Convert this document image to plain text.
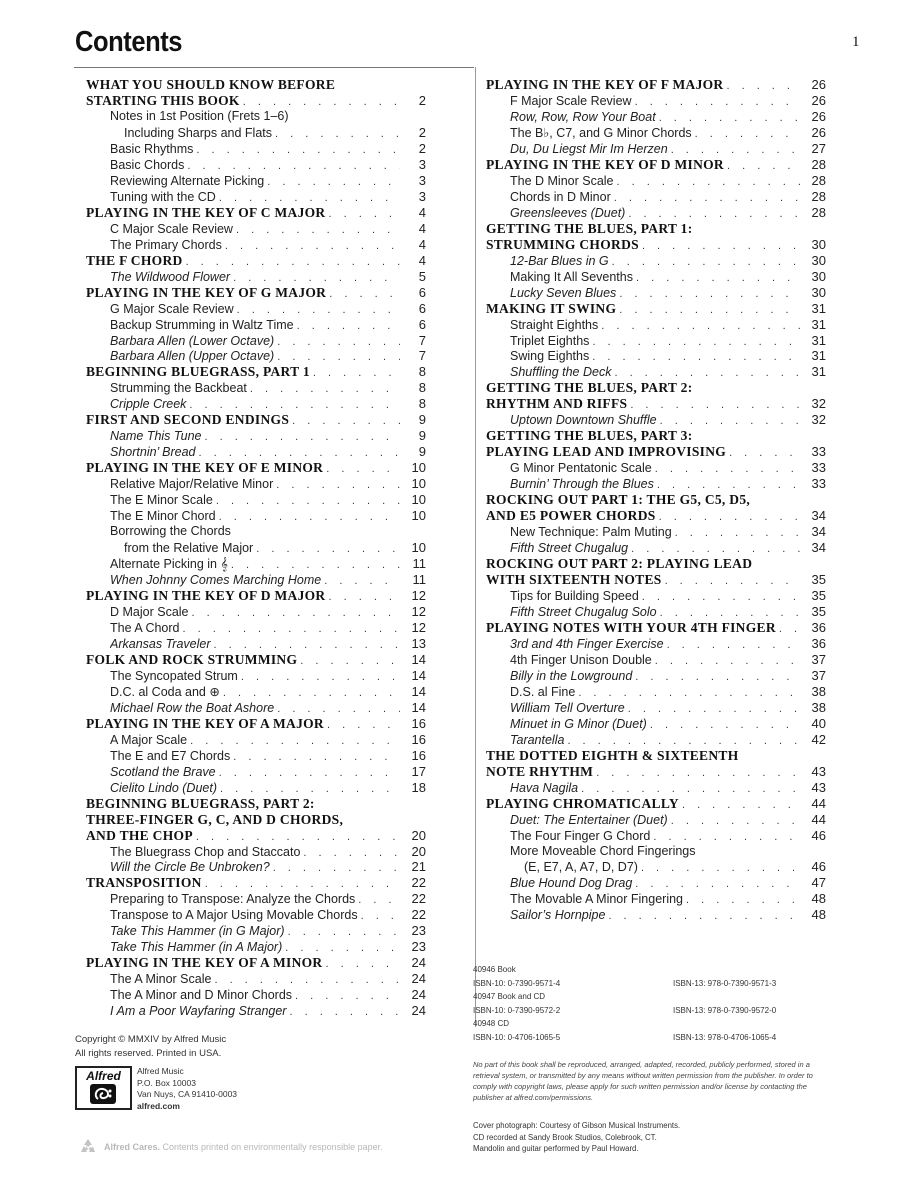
Contents	1
WHAT YOU SHOULD KNOW BEFORE
STARTING THIS BOOK . . .	2
Notes in 1st Position (Frets 1–6)
Including Sharps and Flats . . .	2
Basic Rhythms . . .	2
Basic Chords . . .	3
Reviewing Alternate Picking . . .	3
Tuning with the CD . . .	3
PLAYING IN THE KEY OF C MAJOR . . .	4
C Major Scale Review . . .	4
The Primary Chords . . .	4
THE F CHORD . . .	4
The Wildwood Flower . . .	5
PLAYING IN THE KEY OF G MAJOR . . .	6
G Major Scale Review . . .	6
Backup Strumming in Waltz Time . . .	6
Barbara Allen (Lower Octave) . . .	7
Barbara Allen (Upper Octave) . . .	7
BEGINNING BLUEGRASS, PART 1 . . .	8
Strumming the Backbeat . . .	8
Cripple Creek . . .	8
FIRST AND SECOND ENDINGS . . .	9
Name This Tune . . .	9
Shortnin’ Bread . . .	9
PLAYING IN THE KEY OF E MINOR . . .	10
Relative Major/Relative Minor . . .	10
The E Minor Scale . . .	10
The E Minor Chord . . .	10
Borrowing the Chords
from the Relative Major . . .	10
Alternate Picking in 𝄞 . . .	11
When Johnny Comes Marching Home . . .	11
PLAYING IN THE KEY OF D MAJOR . . .	12
D Major Scale . . .	12
The A Chord . . .	12
Arkansas Traveler . . .	13
FOLK AND ROCK STRUMMING . . .	14
The Syncopated Strum . . .	14
D.C. al Coda and ⊕ . . .	14
Michael Row the Boat Ashore . . .	14
PLAYING IN THE KEY OF A MAJOR . . .	16
A Major Scale . . .	16
The E and E7 Chords . . .	16
Scotland the Brave . . .	17
Cielito Lindo (Duet) . . .	18
BEGINNING BLUEGRASS, PART 2:
THREE-FINGER G, C, AND D CHORDS,
AND THE CHOP . . .	20
The Bluegrass Chop and Staccato . . .	20
Will the Circle Be Unbroken? . . .	21
TRANSPOSITION . . .	22
Preparing to Transpose: Analyze the Chords . . .	22
Transpose to A Major Using Movable Chords . . .	22
Take This Hammer (in G Major) . . .	23
Take This Hammer (in A Major) . . .	23
PLAYING IN THE KEY OF A MINOR . . .	24
The A Minor Scale . . .	24
The A Minor and D Minor Chords . . .	24
I Am a Poor Wayfaring Stranger . . .	24
PLAYING IN THE KEY OF F MAJOR . . .	26
F Major Scale Review . . .	26
Row, Row, Row Your Boat . . .	26
The B♭, C7, and G Minor Chords . . .	26
Du, Du Liegst Mir Im Herzen . . .	27
PLAYING IN THE KEY OF D MINOR . . .	28
The D Minor Scale . . .	28
Chords in D Minor . . .	28
Greensleeves (Duet) . . .	28
GETTING THE BLUES, PART 1:
STRUMMING CHORDS . . .	30
12-Bar Blues in G . . .	30
Making It All Sevenths . . .	30
Lucky Seven Blues . . .	30
MAKING IT SWING . . .	31
Straight Eighths . . .	31
Triplet Eighths . . .	31
Swing Eighths . . .	31
Shuffling the Deck . . .	31
GETTING THE BLUES, PART 2:
RHYTHM AND RIFFS . . .	32
Uptown Downtown Shuffle . . .	32
GETTING THE BLUES, PART 3:
PLAYING LEAD AND IMPROVISING . . .	33
G Minor Pentatonic Scale . . .	33
Burnin’ Through the Blues . . .	33
ROCKING OUT PART 1: THE G5, C5, D5,
AND E5 POWER CHORDS . . .	34
New Technique: Palm Muting . . .	34
Fifth Street Chugalug . . .	34
ROCKING OUT PART 2: PLAYING LEAD
WITH SIXTEENTH NOTES . . .	35
Tips for Building Speed . . .	35
Fifth Street Chugalug Solo . . .	35
PLAYING NOTES WITH YOUR 4TH FINGER . . .	36
3rd and 4th Finger Exercise . . .	36
4th Finger Unison Double . . .	37
Billy in the Lowground . . .	37
D.S. al Fine . . .	38
William Tell Overture . . .	38
Minuet in G Minor (Duet) . . .	40
Tarantella . . .	42
THE DOTTED EIGHTH & SIXTEENTH
NOTE RHYTHM . . .	43
Hava Nagila . . .	43
PLAYING CHROMATICALLY . . .	44
Duet: The Entertainer (Duet) . . .	44
The Four Finger G Chord . . .	46
More Moveable Chord Fingerings
(E, E7, A, A7, D, D7) . . .	46
Blue Hound Dog Drag . . .	47
The Movable A Minor Fingering . . .	48
Sailor’s Hornpipe . . .	48
Copyright © MMXIV by Alfred Music
All rights reserved. Printed in USA.
Alfred	Alfred Music
P.O. Box 10003
Van Nuys, CA 91410-0003
alfred.com
Alfred Cares. Contents printed on environmentally responsible paper.
40946 Book
ISBN-10: 0-7390-9571-4	ISBN-13: 978-0-7390-9571-3
40947 Book and CD
ISBN-10: 0-7390-9572-2	ISBN-13: 978-0-7390-9572-0
40948 CD
ISBN-10: 0-4706-1065-5	ISBN-13: 978-0-4706-1065-4
No part of this book shall be reproduced, arranged, adapted, recorded, publicly performed, stored in a retrieval system, or transmitted by any means without written permission from the publisher. In order to comply with copyright laws, please apply for such written permission and/or license by contacting the publisher at alfred.com/permissions.
Cover photograph: Courtesy of Gibson Musical Instruments.
CD recorded at Sandy Brook Studios, Colebrook, CT.
Mandolin and guitar performed by Paul Howard.
